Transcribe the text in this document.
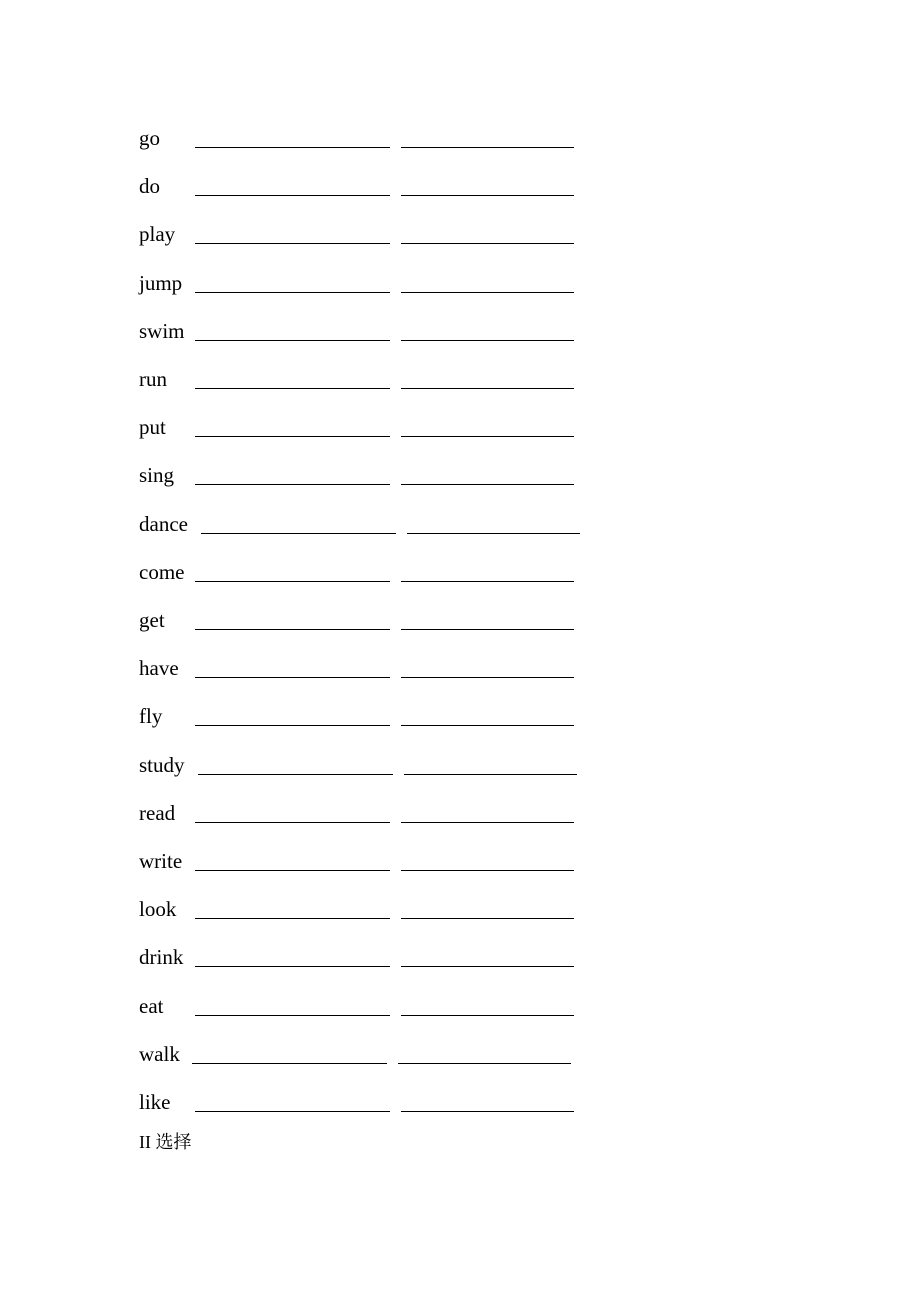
go
do
play
jump
swim
run
put
sing
dance
come
get
have
fly
study
read
write
look
drink
eat
walk
like
II 选择
